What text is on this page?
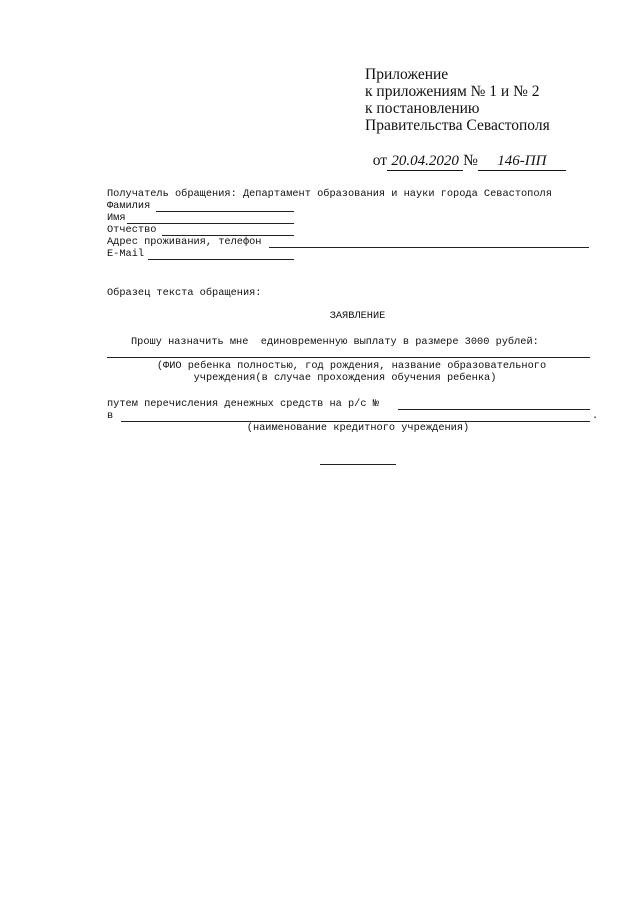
Приложение
к приложениям № 1 и № 2
к постановлению
Правительства Севастополя

от 20.04.2020 № 146-ПП

Получатель обращения: Департамент образования и науки города Севастополя
Фамилия
Имя
Отчество
Адрес проживания, телефон
E-Mail
Образец текста обращения:
ЗАЯВЛЕНИЕ
Прошу назначить мне  единовременную выплату в размере 3000 рублей:
(ФИО ребенка полностью, год рождения, название образовательного
учреждения(в случае прохождения обучения ребенка)
путем перечисления денежных средств на р/с №
в	.
(наименование кредитного учреждения)
